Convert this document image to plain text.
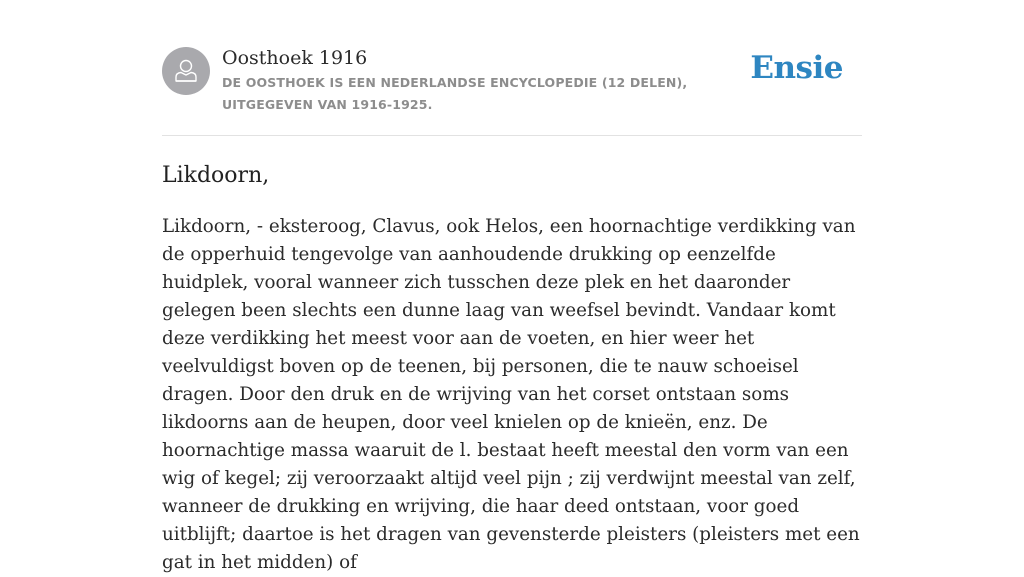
Oosthoek 1916
DE OOSTHOEK IS EEN NEDERLANDSE ENCYCLOPEDIE (12 DELEN), UITGEGEVEN VAN 1916-1925.
Ensie
Likdoorn,
Likdoorn, - eksteroog, Clavus, ook Helos, een hoornachtige verdikking van de opperhuid tengevolge van aanhoudende drukking op eenzelfde huidplek, vooral wanneer zich tusschen deze plek en het daaronder gelegen been slechts een dunne laag van weefsel bevindt. Vandaar komt deze verdikking het meest voor aan de voeten, en hier weer het veelvuldigst boven op de teenen, bij personen, die te nauw schoeisel dragen. Door den druk en de wrijving van het corset ontstaan soms likdoorns aan de heupen, door veel knielen op de knieën, enz. De hoornachtige massa waaruit de l. bestaat heeft meestal den vorm van een wig of kegel; zij veroorzaakt altijd veel pijn ; zij verdwijnt meestal van zelf, wanneer de drukking en wrijving, die haar deed ontstaan, voor goed uitblijft; daartoe is het dragen van gevensterde pleisters (pleisters met een gat in het midden) of
